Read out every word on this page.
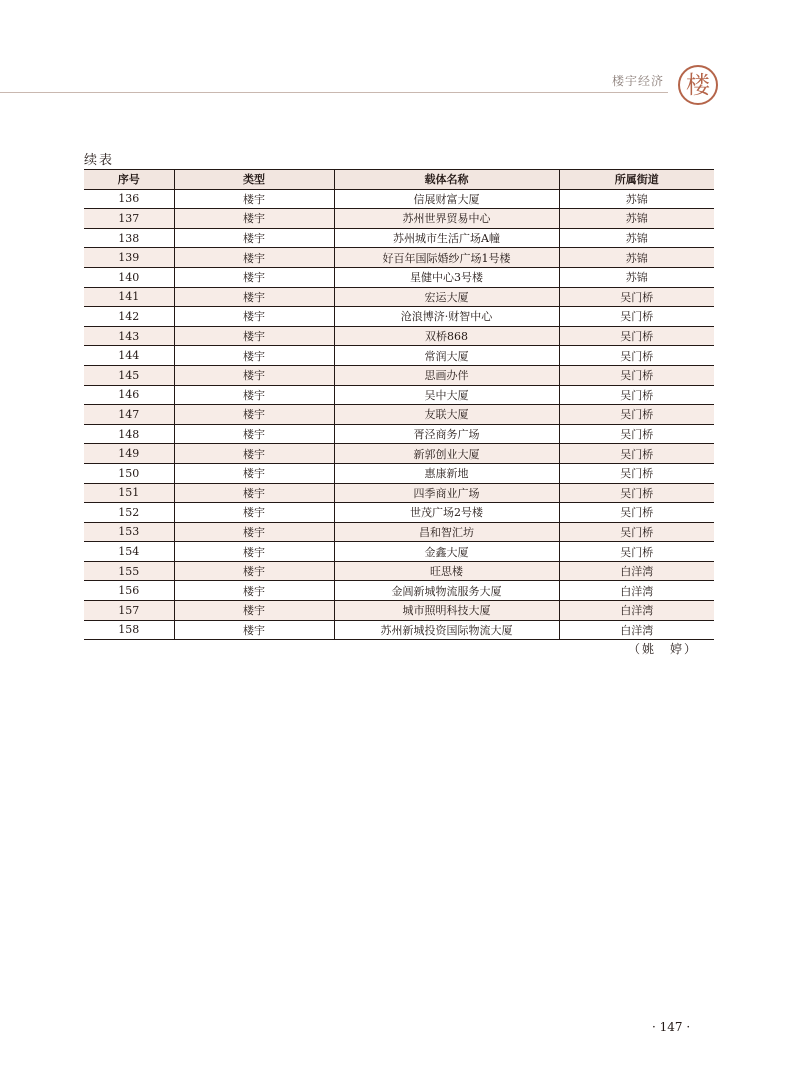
楼宇经济 楼
续表
序号	类型	载体名称	所属街道
136	楼宇	信展财富大厦	苏锦
137	楼宇	苏州世界贸易中心	苏锦
138	楼宇	苏州城市生活广场A幢	苏锦
139	楼宇	好百年国际婚纱广场1号楼	苏锦
140	楼宇	星健中心3号楼	苏锦
141	楼宇	宏运大厦	吴门桥
142	楼宇	沧浪博济·财智中心	吴门桥
143	楼宇	双桥868	吴门桥
144	楼宇	常润大厦	吴门桥
145	楼宇	思画办伴	吴门桥
146	楼宇	吴中大厦	吴门桥
147	楼宇	友联大厦	吴门桥
148	楼宇	胥泾商务广场	吴门桥
149	楼宇	新郭创业大厦	吴门桥
150	楼宇	惠康新地	吴门桥
151	楼宇	四季商业广场	吴门桥
152	楼宇	世茂广场2号楼	吴门桥
153	楼宇	昌和智汇坊	吴门桥
154	楼宇	金鑫大厦	吴门桥
155	楼宇	旺思楼	白洋湾
156	楼宇	金阊新城物流服务大厦	白洋湾
157	楼宇	城市照明科技大厦	白洋湾
158	楼宇	苏州新城投资国际物流大厦	白洋湾
（姚　婷）
· 147 ·
